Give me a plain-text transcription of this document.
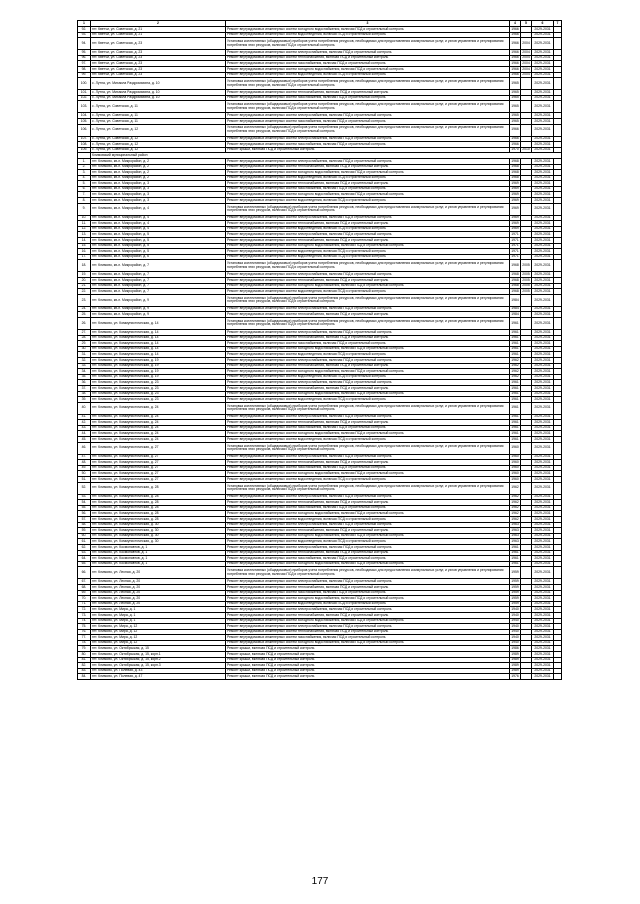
1	2	3	4	5	6	7
92.	пгт. Кветчи, ул. Советская, д. 21	Ремонт внутридомовых инженерных систем холодного водоснабжения, включая ПСД и строительный контроль	1966		2029-2031	
93.	пгт. Кветчи, ул. Советская, д. 21	Ремонт внутридомовых инженерных систем водоотведения, включая ПСД и строительный контроль	1966		2029-2031	
94.	пгт. Кветчи, ул. Советская, д. 23	Установка коллективных (общедомовых) приборов учета потребления ресурсов, необходимых для предоставления коммунальных услуг, и узлов управления и регулирования потребления этих ресурсов, включая ПСД и строительный контроль	1966	2004	2029-2031	
95.	пгт. Кветчи, ул. Советская, д. 23	Ремонт внутридомовых инженерных систем электроснабжения, включая ПСД и строительный контроль	1966	2004	2029-2031	
96.	пгт. Кветчи, ул. Советская, д. 23	Ремонт внутридомовых инженерных систем теплоснабжения, включая ПСД и строительный контроль	1966	2004	2029-2031	
97.	пгт. Кветчи, ул. Советская, д. 23	Ремонт внутридомовых инженерных систем газоснабжения, включая ПСД и строительный контроль	1966	2004	2029-2031	
98.	пгт. Кветчи, ул. Советская, д. 23	Ремонт внутридомовых инженерных систем холодного водоснабжения, включая ПСД и строительный контроль	1966	2004	2029-2031	
99.	пгт. Кветчи, ул. Советская, д. 23	Ремонт внутридомовых инженерных систем водоотведения, включая ПСД и строительный контроль	1966	2004	2029-2031	
100.	с. Лутна, ул. Михаила Раздромахина, д. 10	Установка коллективных (общедомовых) приборов учета потребления ресурсов, необходимых для предоставления коммунальных услуг, и узлов управления и регулирования потребления этих ресурсов, включая ПСД и строительный контроль	1965		2029-2031	
101.	с. Лутна, ул. Михаила Раздромахина, д. 10	Ремонт внутридомовых инженерных систем теплоснабжения, включая ПСД и строительный контроль	1965		2029-2031	
102.	с. Лутна, ул. Михаила Раздромахина, д. 10	Ремонт внутридомовых инженерных систем газоснабжения, включая ПСД и строительный контроль	1965		2029-2031	
103.	с. Лутна, ул. Советская, д. 11	Установка коллективных (общедомовых) приборов учета потребления ресурсов, необходимых для предоставления коммунальных услуг, и узлов управления и регулирования потребления этих ресурсов, включая ПСД и строительный контроль	1965		2029-2031	
104.	с. Лутна, ул. Советская, д. 11	Ремонт внутридомовых инженерных систем электроснабжения, включая ПСД и строительный контроль	1965		2029-2031	
105.	с. Лутна, ул. Советская, д. 11	Ремонт внутридомовых инженерных систем газоснабжения, включая ПСД и строительный контроль	1965		2029-2031	
106.	с. Лутна, ул. Советская, д. 12	Установка коллективных (общедомовых) приборов учета потребления ресурсов, необходимых для предоставления коммунальных услуг, и узлов управления и регулирования потребления этих ресурсов, включая ПСД и строительный контроль	1966		2029-2031	
107.	с. Лутна, ул. Советская, д. 12	Ремонт внутридомовых инженерных систем электроснабжения, включая ПСД и строительный контроль	1966		2029-2031	
108.	с. Лутна, ул. Советская, д. 12	Ремонт внутридомовых инженерных систем газоснабжения, включая ПСД и строительный контроль	1966		2029-2031	
109.	с. Лутна, ул. Советская, д. 12	Ремонт крыши, включая ПСД и строительный контроль	1970	2010	2029-2031	
	Климовский муниципальный район					
1.	пгт. Климово, кв-л. Микрорайон, д. 2	Ремонт внутридомовых инженерных систем электроснабжения, включая ПСД и строительный контроль	1968		2029-2031	
2.	пгт. Климово, кв-л. Микрорайон, д. 2	Ремонт внутридомовых инженерных систем теплоснабжения, включая ПСД и строительный контроль	1968		2029-2031	
3.	пгт. Климово, кв-л. Микрорайон, д. 2	Ремонт внутридомовых инженерных систем холодного водоснабжения, включая ПСД и строительный контроль	1968		2029-2031	
4.	пгт. Климово, кв-л. Микрорайон, д. 2	Ремонт внутридомовых инженерных систем водоотведения, включая ПСД и строительный контроль	1968		2029-2031	
5.	пгт. Климово, кв-л. Микрорайон, д. 3	Ремонт внутридомовых инженерных систем теплоснабжения, включая ПСД и строительный контроль	1969		2029-2031	
6.	пгт. Климово, кв-л. Микрорайон, д. 3	Ремонт внутридомовых инженерных систем газоснабжения, включая ПСД и строительный контроль	1969		2029-2031	
7.	пгт. Климово, кв-л. Микрорайон, д. 3	Ремонт внутридомовых инженерных систем холодного водоснабжения, включая ПСД и строительный контроль	1969		2029-2031	
8.	пгт. Климово, кв-л. Микрорайон, д. 3	Ремонт внутридомовых инженерных систем водоотведения, включая ПСД и строительный контроль	1969		2029-2031	
9.	пгт. Климово, кв-л. Микрорайон, д. 4	Установка коллективных (общедомовых) приборов учета потребления ресурсов, необходимых для предоставления коммунальных услуг, и узлов управления и регулирования потребления этих ресурсов, включая ПСД и строительный контроль	1969		2029-2031	
10.	пгт. Климово, кв-л. Микрорайон, д. 4	Ремонт внутридомовых инженерных систем электроснабжения, включая ПСД и строительный контроль	1969		2029-2031	
11.	пгт. Климово, кв-л. Микрорайон, д. 4	Ремонт внутридомовых инженерных систем теплоснабжения, включая ПСД и строительный контроль	1969		2029-2031	
12.	пгт. Климово, кв-л. Микрорайон, д. 4	Ремонт внутридомовых инженерных систем водоотведения, включая ПСД и строительный контроль	1969		2029-2031	
13.	пгт. Климово, кв-л. Микрорайон, д. 5	Ремонт внутридомовых инженерных систем электроснабжения, включая ПСД и строительный контроль	1971		2029-2031	
14.	пгт. Климово, кв-л. Микрорайон, д. 5	Ремонт внутридомовых инженерных систем теплоснабжения, включая ПСД и строительный контроль	1971		2029-2031	
15.	пгт. Климово, кв-л. Микрорайон, д. 5	Ремонт внутридомовых инженерных систем холодного водоснабжения, включая ПСД и строительный контроль	1971		2029-2031	
16.	пгт. Климово, кв-л. Микрорайон, д. 5	Ремонт внутридомовых инженерных систем водоотведения, включая ПСД и строительный контроль	1971		2029-2031	
17.	пгт. Климово, кв-л. Микрорайон, д. 6	Ремонт внутридомовых инженерных систем водоотведения, включая ПСД и строительный контроль	1971		2029-2031	
18.	пгт. Климово, кв-л. Микрорайон, д. 7	Установка коллективных (общедомовых) приборов учета потребления ресурсов, необходимых для предоставления коммунальных услуг, и узлов управления и регулирования потребления этих ресурсов, включая ПСД и строительный контроль	1968	2005	2029-2031	
19.	пгт. Климово, кв-л. Микрорайон, д. 7	Ремонт внутридомовых инженерных систем электроснабжения, включая ПСД и строительный контроль	1968	2005	2029-2031	
20.	пгт. Климово, кв-л. Микрорайон, д. 7	Ремонт внутридомовых инженерных систем теплоснабжения, включая ПСД и строительный контроль	1968	2005	2029-2031	
21.	пгт. Климово, кв-л. Микрорайон, д. 7	Ремонт внутридомовых инженерных систем холодного водоснабжения, включая ПСД и строительный контроль	1968	2005	2029-2031	
22.	пгт. Климово, кв-л. Микрорайон, д. 7	Ремонт внутридомовых инженерных систем водоотведения, включая ПСД и строительный контроль	1968	2005	2029-2031	
23.	пгт. Климово, кв-л. Микрорайон, д. 9	Установка коллективных (общедомовых) приборов учета потребления ресурсов, необходимых для предоставления коммунальных услуг, и узлов управления и регулирования потребления этих ресурсов, включая ПСД и строительный контроль	1984		2029-2031	
24.	пгт. Климово, кв-л. Микрорайон, д. 9	Ремонт внутридомовых инженерных систем электроснабжения, включая ПСД и строительный контроль	1984		2029-2031	
25.	пгт. Климово, кв-л. Микрорайон, д. 9	Ремонт внутридомовых инженерных систем теплоснабжения, включая ПСД и строительный контроль	1984		2029-2031	
26.	пгт. Климово, ул. Коммунистическая, д. 14	Установка коллективных (общедомовых) приборов учета потребления ресурсов, необходимых для предоставления коммунальных услуг, и узлов управления и регулирования потребления этих ресурсов, включая ПСД и строительный контроль	1961		2029-2031	
27.	пгт. Климово, ул. Коммунистическая, д. 14	Ремонт внутридомовых инженерных систем электроснабжения, включая ПСД и строительный контроль	1961		2029-2031	
28.	пгт. Климово, ул. Коммунистическая, д. 14	Ремонт внутридомовых инженерных систем теплоснабжения, включая ПСД и строительный контроль	1961		2029-2031	
29.	пгт. Климово, ул. Коммунистическая, д. 14	Ремонт внутридомовых инженерных систем газоснабжения, включая ПСД и строительный контроль	1961		2029-2031	
30.	пгт. Климово, ул. Коммунистическая, д. 14	Ремонт внутридомовых инженерных систем холодного водоснабжения, включая ПСД и строительный контроль	1961		2029-2031	
31.	пгт. Климово, ул. Коммунистическая, д. 14	Ремонт внутридомовых инженерных систем водоотведения, включая ПСД и строительный контроль	1961		2029-2031	
32.	пгт. Климово, ул. Коммунистическая, д. 19	Ремонт внутридомовых инженерных систем электроснабжения, включая ПСД и строительный контроль	1962		2029-2031	
33.	пгт. Климово, ул. Коммунистическая, д. 19	Ремонт внутридомовых инженерных систем теплоснабжения, включая ПСД и строительный контроль	1962		2029-2031	
34.	пгт. Климово, ул. Коммунистическая, д. 19	Ремонт внутридомовых инженерных систем холодного водоснабжения, включая ПСД и строительный контроль	1962		2029-2031	
35.	пгт. Климово, ул. Коммунистическая, д. 19	Ремонт внутридомовых инженерных систем водоотведения, включая ПСД и строительный контроль	1962		2029-2031	
36.	пгт. Климово, ул. Коммунистическая, д. 23	Ремонт внутридомовых инженерных систем электроснабжения, включая ПСД и строительный контроль	1961		2029-2031	
37.	пгт. Климово, ул. Коммунистическая, д. 23	Ремонт внутридомовых инженерных систем теплоснабжения, включая ПСД и строительный контроль	1961		2029-2031	
38.	пгт. Климово, ул. Коммунистическая, д. 23	Ремонт внутридомовых инженерных систем холодного водоснабжения, включая ПСД и строительный контроль	1961		2029-2031	
39.	пгт. Климово, ул. Коммунистическая, д. 23	Ремонт внутридомовых инженерных систем водоотведения, включая ПСД и строительный контроль	1961		2029-2031	
40.	пгт. Климово, ул. Коммунистическая, д. 24	Установка коллективных (общедомовых) приборов учета потребления ресурсов, необходимых для предоставления коммунальных услуг, и узлов управления и регулирования потребления этих ресурсов, включая ПСД и строительный контроль	1961		2029-2031	
41.	пгт. Климово, ул. Коммунистическая, д. 24	Ремонт внутридомовых инженерных систем электроснабжения, включая ПСД и строительный контроль	1961		2029-2031	
42.	пгт. Климово, ул. Коммунистическая, д. 24	Ремонт внутридомовых инженерных систем теплоснабжения, включая ПСД и строительный контроль	1961		2029-2031	
43.	пгт. Климово, ул. Коммунистическая, д. 24	Ремонт внутридомовых инженерных систем газоснабжения, включая ПСД и строительный контроль	1961		2029-2031	
44.	пгт. Климово, ул. Коммунистическая, д. 24	Ремонт внутридомовых инженерных систем холодного водоснабжения, включая ПСД и строительный контроль	1961		2029-2031	
45.	пгт. Климово, ул. Коммунистическая, д. 24	Ремонт внутридомовых инженерных систем водоотведения, включая ПСД и строительный контроль	1961		2029-2031	
46.	пгт. Климово, ул. Коммунистическая, д. 27	Установка коллективных (общедомовых) приборов учета потребления ресурсов, необходимых для предоставления коммунальных услуг, и узлов управления и регулирования потребления этих ресурсов, включая ПСД и строительный контроль	1960		2029-2031	
47.	пгт. Климово, ул. Коммунистическая, д. 27	Ремонт внутридомовых инженерных систем электроснабжения, включая ПСД и строительный контроль	1960		2029-2031	
48.	пгт. Климово, ул. Коммунистическая, д. 27	Ремонт внутридомовых инженерных систем теплоснабжения, включая ПСД и строительный контроль	1960		2029-2031	
49.	пгт. Климово, ул. Коммунистическая, д. 27	Ремонт внутридомовых инженерных систем газоснабжения, включая ПСД и строительный контроль	1960		2029-2031	
50.	пгт. Климово, ул. Коммунистическая, д. 27	Ремонт внутридомовых инженерных систем холодного водоснабжения, включая ПСД и строительный контроль	1960		2029-2031	
51.	пгт. Климово, ул. Коммунистическая, д. 27	Ремонт внутридомовых инженерных систем водоотведения, включая ПСД и строительный контроль	1960		2029-2031	
52.	пгт. Климово, ул. Коммунистическая, д. 28	Установка коллективных (общедомовых) приборов учета потребления ресурсов, необходимых для предоставления коммунальных услуг, и узлов управления и регулирования потребления этих ресурсов, включая ПСД и строительный контроль	1962		2029-2031	
53.	пгт. Климово, ул. Коммунистическая, д. 28	Ремонт внутридомовых инженерных систем электроснабжения, включая ПСД и строительный контроль	1962		2029-2031	
54.	пгт. Климово, ул. Коммунистическая, д. 28	Ремонт внутридомовых инженерных систем теплоснабжения, включая ПСД и строительный контроль	1962		2029-2031	
55.	пгт. Климово, ул. Коммунистическая, д. 28	Ремонт внутридомовых инженерных систем газоснабжения, включая ПСД и строительный контроль	1962		2029-2031	
56.	пгт. Климово, ул. Коммунистическая, д. 28	Ремонт внутридомовых инженерных систем холодного водоснабжения, включая ПСД и строительный контроль	1962		2029-2031	
57.	пгт. Климово, ул. Коммунистическая, д. 28	Ремонт внутридомовых инженерных систем водоотведения, включая ПСД и строительный контроль	1962		2029-2031	
58.	пгт. Климово, ул. Коммунистическая, д. 30	Ремонт внутридомовых инженерных систем электроснабжения, включая ПСД и строительный контроль	1963		2029-2031	
59.	пгт. Климово, ул. Коммунистическая, д. 30	Ремонт внутридомовых инженерных систем теплоснабжения, включая ПСД и строительный контроль	1963		2029-2031	
60.	пгт. Климово, ул. Коммунистическая, д. 30	Ремонт внутридомовых инженерных систем холодного водоснабжения, включая ПСД и строительный контроль	1963		2029-2031	
61.	пгт. Климово, ул. Коммунистическая, д. 30	Ремонт внутридомовых инженерных систем водоотведения, включая ПСД и строительный контроль	1963		2029-2031	
62.	пгт. Климово, ул. Космонавтов, д. 1	Ремонт внутридомовых инженерных систем электроснабжения, включая ПСД и строительный контроль	1961		2029-2031	
63.	пгт. Климово, ул. Космонавтов, д. 1	Ремонт внутридомовых инженерных систем теплоснабжения, включая ПСД и строительный контроль	1961		2029-2031	
64.	пгт. Климово, ул. Космонавтов, д. 1	Ремонт внутридомовых инженерных систем газоснабжения, включая ПСД и строительный контроль	1961		2029-2031	
65.	пгт. Климово, ул. Космонавтов, д. 1	Ремонт внутридомовых инженерных систем холодного водоснабжения, включая ПСД и строительный контроль	1961		2029-2031	
66.	пгт. Климово, ул. Лесная, д. 20	Установка коллективных (общедомовых) приборов учета потребления ресурсов, необходимых для предоставления коммунальных услуг, и узлов управления и регулирования потребления этих ресурсов, включая ПСД и строительный контроль	1959		2029-2031	
67.	пгт. Климово, ул. Лесная, д. 20	Ремонт внутридомовых инженерных систем электроснабжения, включая ПСД и строительный контроль	1959		2029-2031	
68.	пгт. Климово, ул. Лесная, д. 20	Ремонт внутридомовых инженерных систем теплоснабжения, включая ПСД и строительный контроль	1959		2029-2031	
69.	пгт. Климово, ул. Лесная, д. 20	Ремонт внутридомовых инженерных систем газоснабжения, включая ПСД и строительный контроль	1959		2029-2031	
70.	пгт. Климово, ул. Лесная, д. 20	Ремонт внутридомовых инженерных систем холодного водоснабжения, включая ПСД и строительный контроль	1959		2029-2031	
71.	пгт. Климово, ул. Лесная, д. 20	Ремонт внутридомовых инженерных систем водоотведения, включая ПСД и строительный контроль	1959		2029-2031	
72.	пгт. Климово, ул. Мира, д. 1	Ремонт внутридомовых инженерных систем электроснабжения, включая ПСД и строительный контроль	1940		2029-2031	
73.	пгт. Климово, ул. Мира, д. 1	Ремонт внутридомовых инженерных систем теплоснабжения, включая ПСД и строительный контроль	1940		2029-2031	
74.	пгт. Климово, ул. Мира, д. 1	Ремонт внутридомовых инженерных систем холодного водоснабжения, включая ПСД и строительный контроль	1940		2029-2031	
75.	пгт. Климово, ул. Мира, д. 12	Ремонт внутридомовых инженерных систем электроснабжения, включая ПСД и строительный контроль	1940		2029-2031	
76.	пгт. Климово, ул. Мира, д. 12	Ремонт внутридомовых инженерных систем теплоснабжения, включая ПСД и строительный контроль	1940		2029-2031	
77.	пгт. Климово, ул. Мира, д. 12	Ремонт внутридомовых инженерных систем газоснабжения, включая ПСД и строительный контроль	1940		2029-2031	
78.	пгт. Климово, ул. Мира, д. 12	Ремонт внутридомовых инженерных систем холодного водоснабжения, включая ПСД и строительный контроль	1940		2029-2031	
79.	пгт. Климово, ул. Октябрьская, д. 15	Ремонт крыши, включая ПСД и строительный контроль	1986		2029-2031	
80.	пгт. Климово, ул. Октябрьская, д. 15, корп.1	Ремонт крыши, включая ПСД и строительный контроль	1989		2029-2031	
81.	пгт. Климово, ул. Октябрьская, д. 15, корп.2	Ремонт крыши, включая ПСД и строительный контроль	1989		2029-2031	
82.	пгт. Климово, ул. Октябрьская, д. 15, корп.3	Ремонт крыши, включая ПСД и строительный контроль	1989		2029-2031	
83.	пгт. Климово, ул. Полевая, д. 43	Ремонт крыши, включая ПСД и строительный контроль	1989		2029-2031	
84.	пгт. Климово, ул. Полевая, д. 47	Ремонт крыши, включая ПСД и строительный контроль	1976		2029-2031	
177
